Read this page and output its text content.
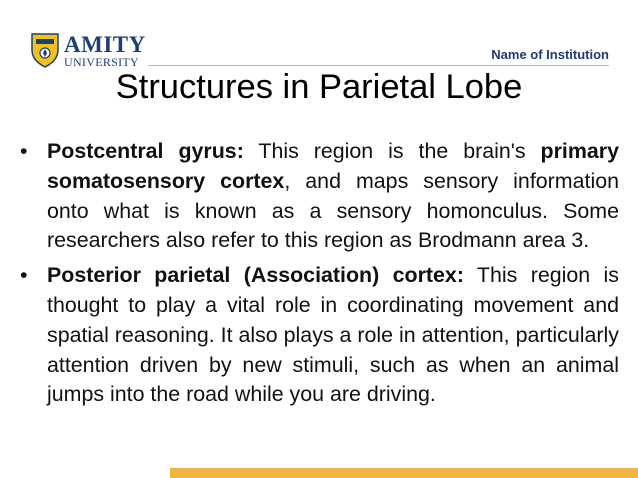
AMITY
UNIVERSITY	Name of Institution
Structures in Parietal Lobe
• Postcentral gyrus: This region is the brain's primary somatosensory cortex, and maps sensory information onto what is known as a sensory homonculus. Some researchers also refer to this region as Brodmann area 3.
• Posterior parietal (Association) cortex: This region is thought to play a vital role in coordinating movement and spatial reasoning. It also plays a role in attention, particularly attention driven by new stimuli, such as when an animal jumps into the road while you are driving.
